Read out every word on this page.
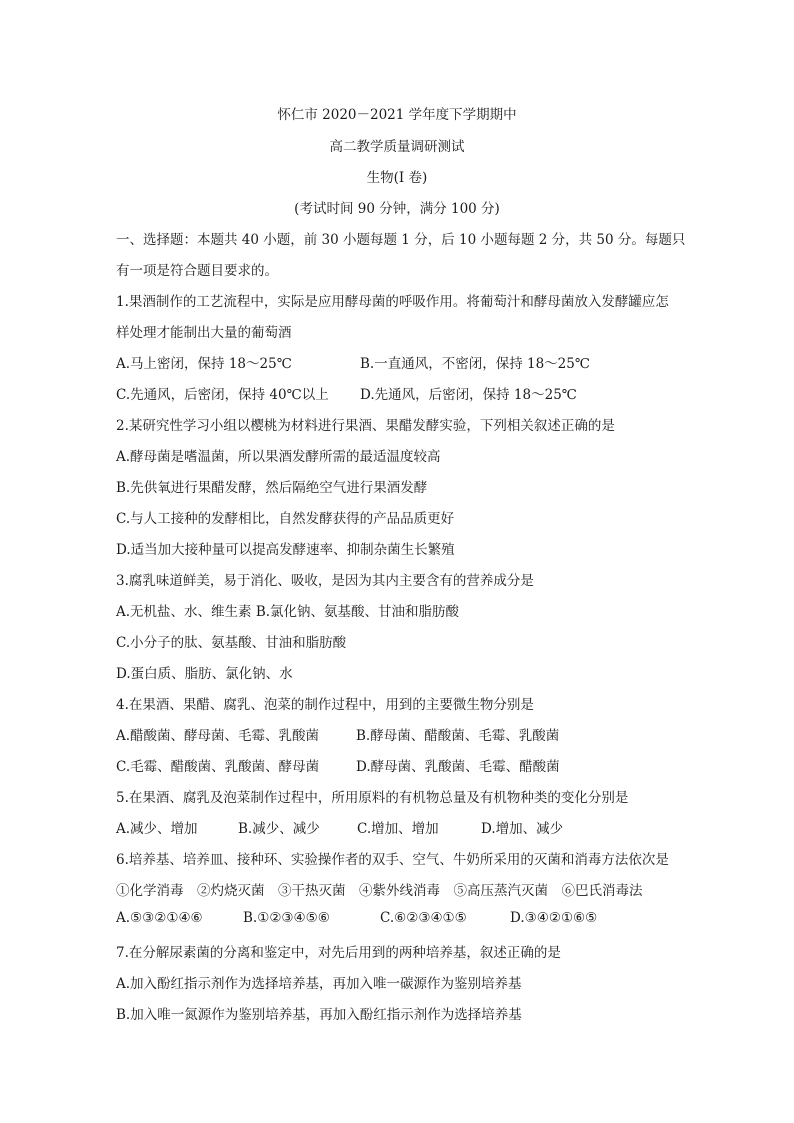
怀仁市 2020－2021 学年度下学期期中
高二教学质量调研测试
生物(I 卷)
(考试时间 90 分钟，满分 100 分)
一、选择题：本题共 40 小题，前 30 小题每题 1 分，后 10 小题每题 2 分，共 50 分。每题只
有一项是符合题目要求的。
1.果酒制作的工艺流程中，实际是应用酵母菌的呼吸作用。将葡萄汁和酵母菌放入发酵罐应怎
样处理才能制出大量的葡萄酒
A.马上密闭，保持 18～25℃	B.一直通风，不密闭，保持 18～25℃
C.先通风，后密闭，保持 40℃以上 D.先通风，后密闭，保持 18～25℃
2.某研究性学习小组以樱桃为材料进行果酒、果醋发酵实验，下列相关叙述正确的是
A.酵母菌是嗜温菌，所以果酒发酵所需的最适温度较高
B.先供氧进行果醋发酵，然后隔绝空气进行果酒发酵
C.与人工接种的发酵相比，自然发酵获得的产品品质更好
D.适当加大接种量可以提高发酵速率、抑制杂菌生长繁殖
3.腐乳味道鲜美，易于消化、吸收，是因为其内主要含有的营养成分是
A.无机盐、水、维生素 B.氯化钠、氨基酸、甘油和脂肪酸
C.小分子的肽、氨基酸、甘油和脂肪酸
D.蛋白质、脂肪、氯化钠、水
4.在果酒、果醋、腐乳、泡菜的制作过程中，用到的主要微生物分别是
A.醋酸菌、酵母菌、毛霉、乳酸菌	B.酵母菌、醋酸菌、毛霉、乳酸菌
C.毛霉、醋酸菌、乳酸菌、酵母菌	D.酵母菌、乳酸菌、毛霉、醋酸菌
5.在果酒、腐乳及泡菜制作过程中，所用原料的有机物总量及有机物种类的变化分别是
A.减少、增加	B.减少、减少	C.增加、增加	D.增加、减少
6.培养基、培养皿、接种环、实验操作者的双手、空气、牛奶所采用的灭菌和消毒方法依次是
①化学消毒　②灼烧灭菌　③干热灭菌　④紫外线消毒　⑤高压蒸汽灭菌　⑥巴氏消毒法
A.⑤③②①④⑥	B.①②③④⑤⑥	C.⑥②③④①⑤	D.③④②①⑥⑤
7.在分解尿素菌的分离和鉴定中，对先后用到的两种培养基，叙述正确的是
A.加入酚红指示剂作为选择培养基，再加入唯一碳源作为鉴别培养基
B.加入唯一氮源作为鉴别培养基，再加入酚红指示剂作为选择培养基
